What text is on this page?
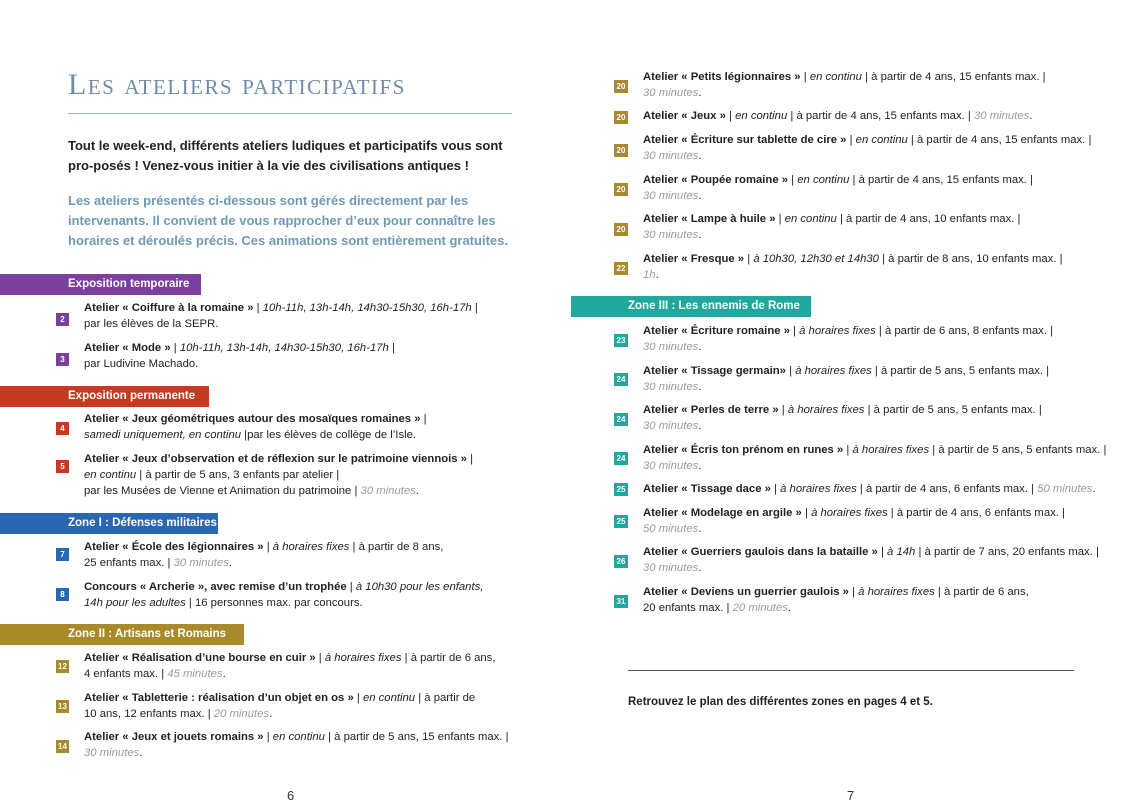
Les ateliers participatifs

Tout le week-end, différents ateliers ludiques et participatifs vous sont pro-posés ! Venez-vous initier à la vie des civilisations antiques !

Les ateliers présentés ci-dessous sont gérés directement par les intervenants. Il convient de vous rapprocher d’eux pour connaître les horaires et déroulés précis. Ces animations sont entièrement gratuites.

Exposition temporaire
2
Atelier « Coiffure à la romaine » | 10h-11h, 13h-14h, 14h30-15h30, 16h-17h |
par les élèves de la SEPR.
3
Atelier « Mode » | 10h-11h, 13h-14h, 14h30-15h30, 16h-17h |
par Ludivine Machado.
Exposition permanente
4
Atelier « Jeux géométriques autour des mosaïques romaines » |
samedi uniquement, en continu |par les élèves de collège de l’Isle.
5
Atelier « Jeux d’observation et de réflexion sur le patrimoine viennois » |
en continu | à partir de 5 ans, 3 enfants par atelier |
par les Musées de Vienne et Animation du patrimoine | 30 minutes.
Zone I : Défenses militaires
7
Atelier « École des légionnaires » | à horaires fixes | à partir de 8 ans,
25 enfants max. | 30 minutes.
8
Concours « Archerie », avec remise d’un trophée | à 10h30 pour les enfants,
14h pour les adultes | 16 personnes max. par concours.
Zone II : Artisans et Romains
12
Atelier « Réalisation d’une bourse en cuir » | à horaires fixes | à partir de 6 ans,
4 enfants max. | 45 minutes.
13
Atelier « Tabletterie : réalisation d’un objet en os » | en continu | à partir de
10 ans, 12 enfants max. | 20 minutes.
14
Atelier « Jeux et jouets romains » | en continu | à partir de 5 ans, 15 enfants max. |
30 minutes.
6
20
Atelier « Petits légionnaires » | en continu | à partir de 4 ans, 15 enfants max. |
30 minutes.
20 Atelier « Jeux » | en continu | à partir de 4 ans, 15 enfants max. | 30 minutes.
20
Atelier « Écriture sur tablette de cire » | en continu | à partir de 4 ans, 15 enfants max. |
30 minutes.
20
Atelier « Poupée romaine » | en continu | à partir de 4 ans, 15 enfants max. |
30 minutes.
20
Atelier « Lampe à huile » | en continu | à partir de 4 ans, 10 enfants max. |
30 minutes.
22
Atelier « Fresque » | à 10h30, 12h30 et 14h30 | à partir de 8 ans, 10 enfants max. |
1h.
Zone III : Les ennemis de Rome
23
Atelier « Écriture romaine » | à horaires fixes | à partir de 6 ans, 8 enfants max. |
30 minutes.
24
Atelier « Tissage germain» | à horaires fixes | à partir de 5 ans, 5 enfants max. |
30 minutes.
24
Atelier « Perles de terre » | à horaires fixes | à partir de 5 ans, 5 enfants max. |
30 minutes.
24
Atelier « Écris ton prénom en runes » | à horaires fixes | à partir de 5 ans, 5 enfants max. |
30 minutes.
25 Atelier « Tissage dace » | à horaires fixes | à partir de 4 ans, 6 enfants max. | 50 minutes.
25
Atelier « Modelage en argile » | à horaires fixes | à partir de 4 ans, 6 enfants max. |
50 minutes.
26
Atelier « Guerriers gaulois dans la bataille » | à 14h | à partir de 7 ans, 20 enfants max. |
30 minutes.
31
Atelier « Deviens un guerrier gaulois » | à horaires fixes | à partir de 6 ans,
20 enfants max. | 20 minutes.
Retrouvez le plan des différentes zones en pages 4 et 5.
7
